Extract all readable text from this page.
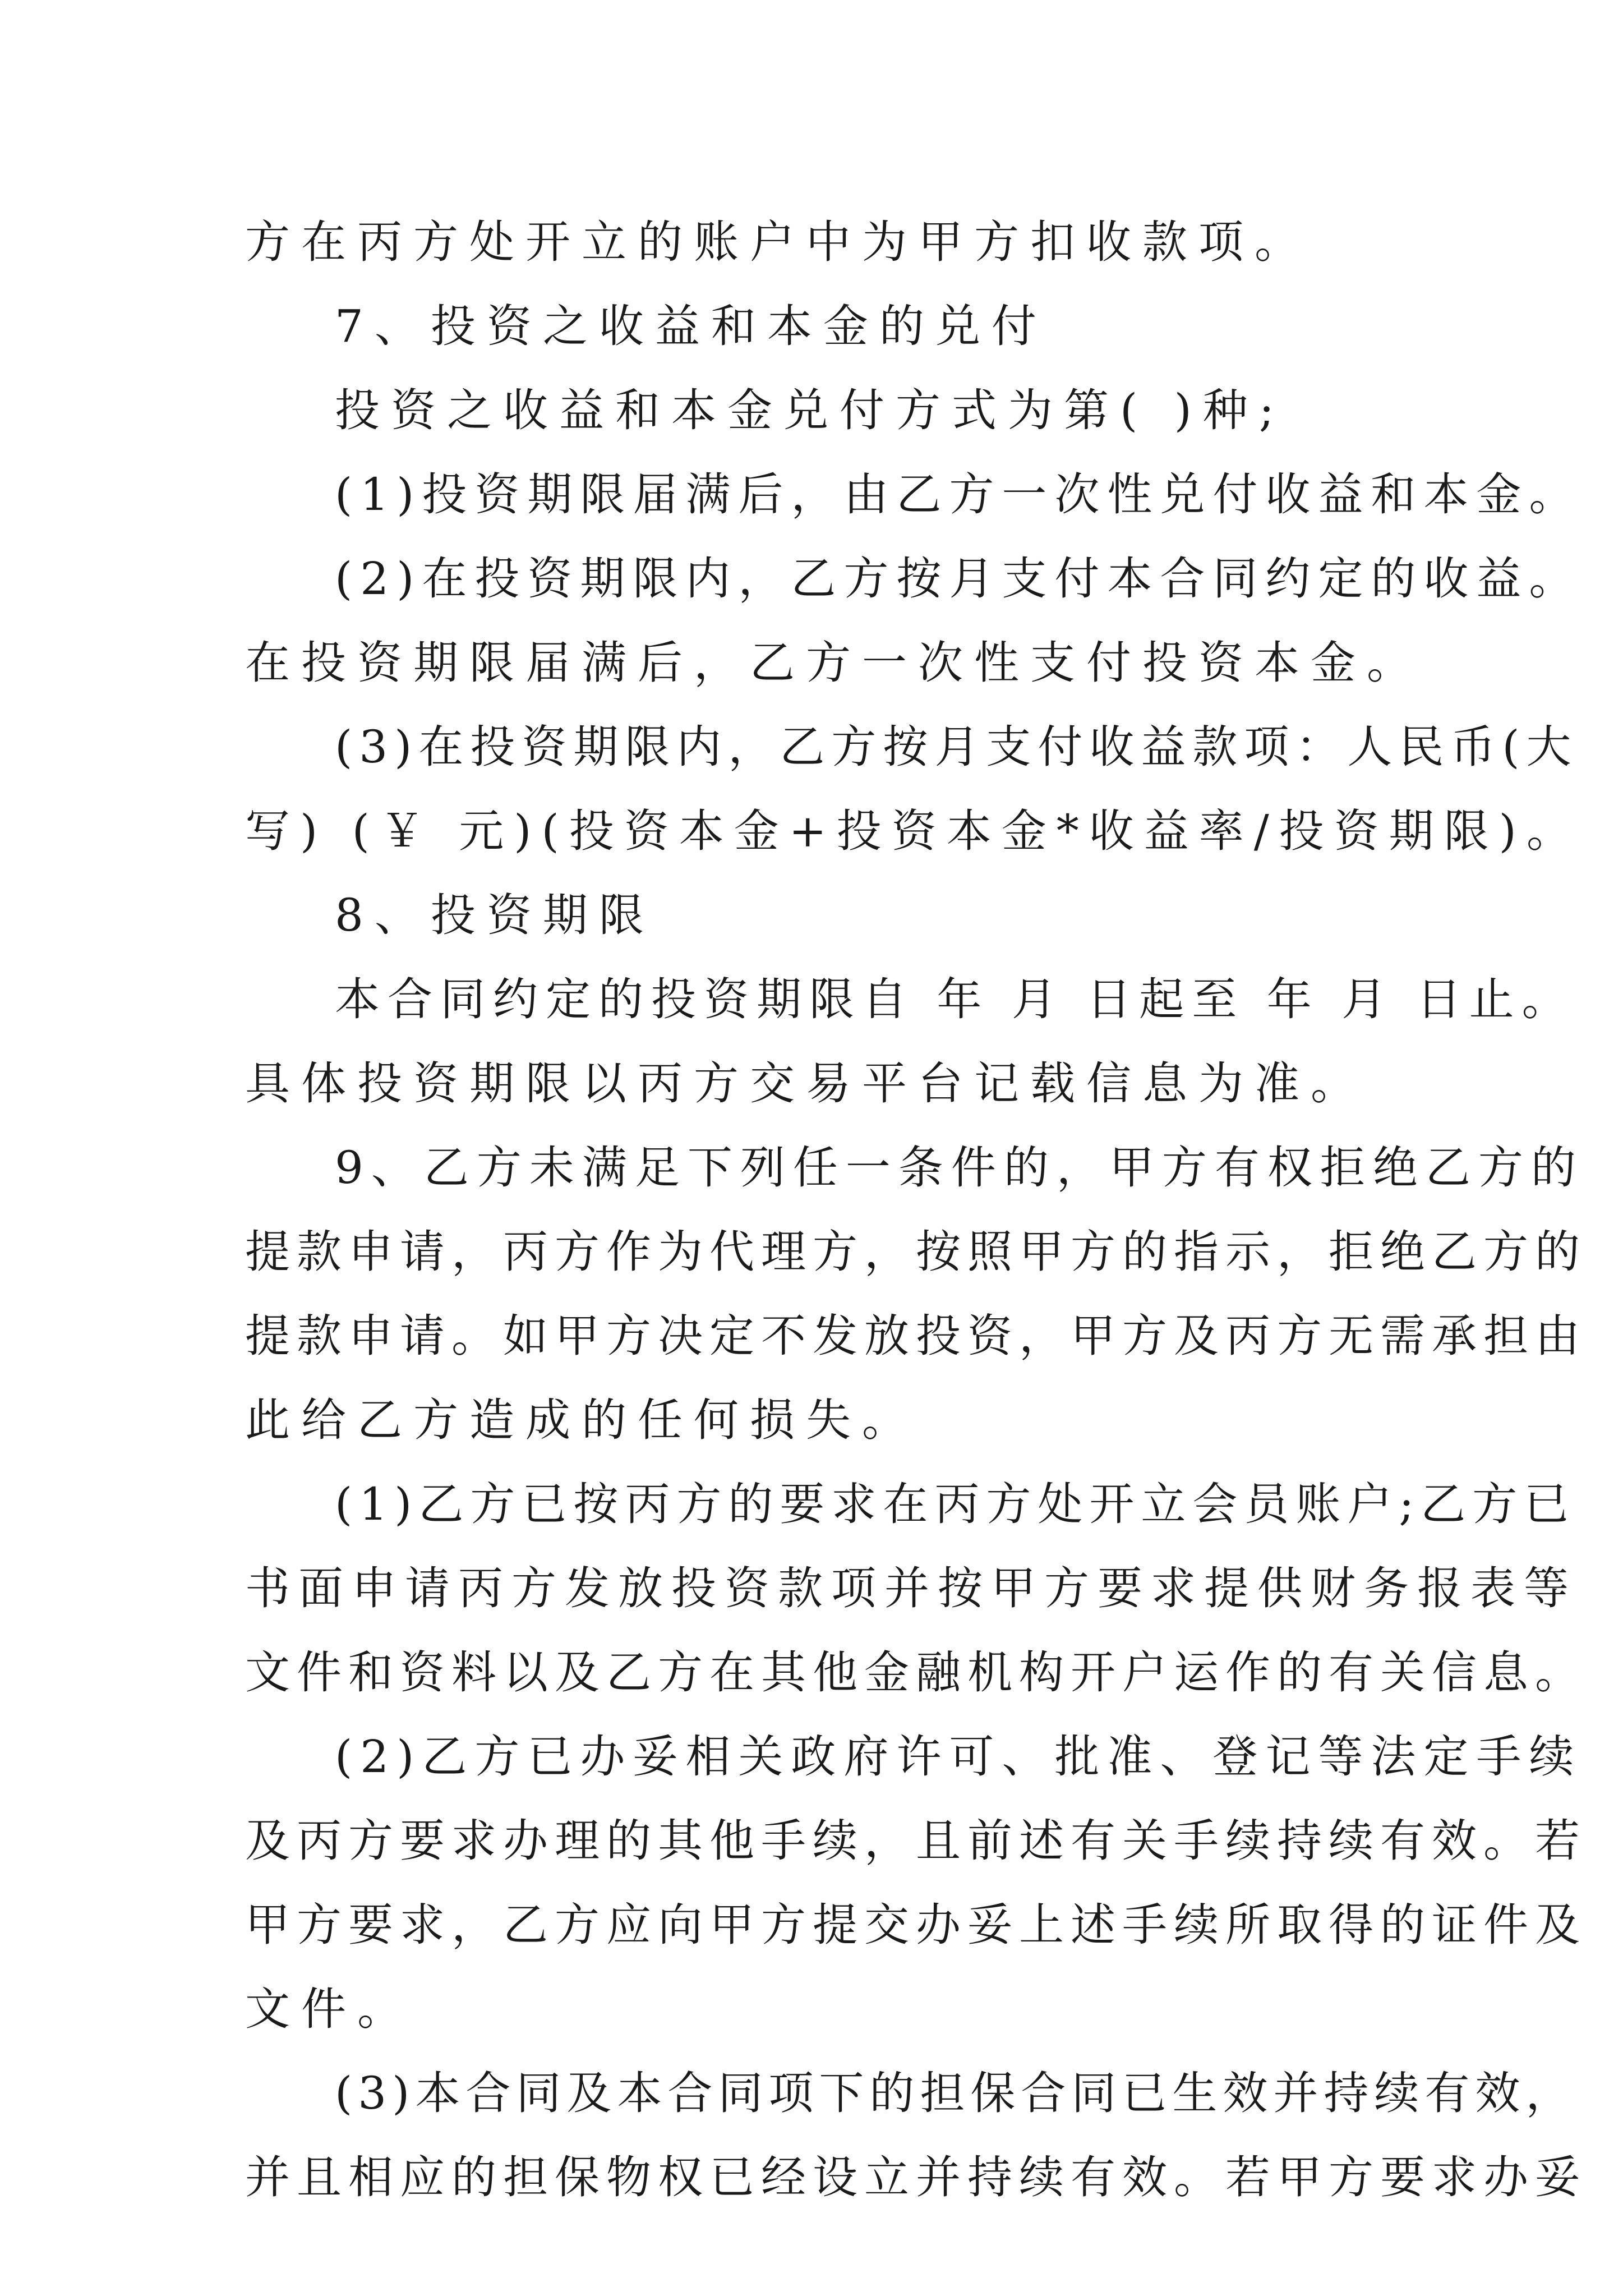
方在丙方处开立的账户中为甲方扣收款项。

7、投资之收益和本金的兑付

投资之收益和本金兑付方式为第( )种;

(1)投资期限届满后，由乙方一次性兑付收益和本金。

(2)在投资期限内，乙方按月支付本合同约定的收益。

在投资期限届满后，乙方一次性支付投资本金。

(3)在投资期限内，乙方按月支付收益款项：人民币(大

写) (￥ 元)(投资本金+投资本金*收益率/投资期限)。

8、投资期限

本合同约定的投资期限自 年 月 日起至 年 月 日止。

具体投资期限以丙方交易平台记载信息为准。

9、乙方未满足下列任一条件的，甲方有权拒绝乙方的

提款申请，丙方作为代理方，按照甲方的指示，拒绝乙方的

提款申请。如甲方决定不发放投资，甲方及丙方无需承担由

此给乙方造成的任何损失。

(1)乙方已按丙方的要求在丙方处开立会员账户;乙方已

书面申请丙方发放投资款项并按甲方要求提供财务报表等

文件和资料以及乙方在其他金融机构开户运作的有关信息。

(2)乙方已办妥相关政府许可、批准、登记等法定手续

及丙方要求办理的其他手续，且前述有关手续持续有效。若

甲方要求，乙方应向甲方提交办妥上述手续所取得的证件及

文件。

(3)本合同及本合同项下的担保合同已生效并持续有效，

并且相应的担保物权已经设立并持续有效。若甲方要求办妥
